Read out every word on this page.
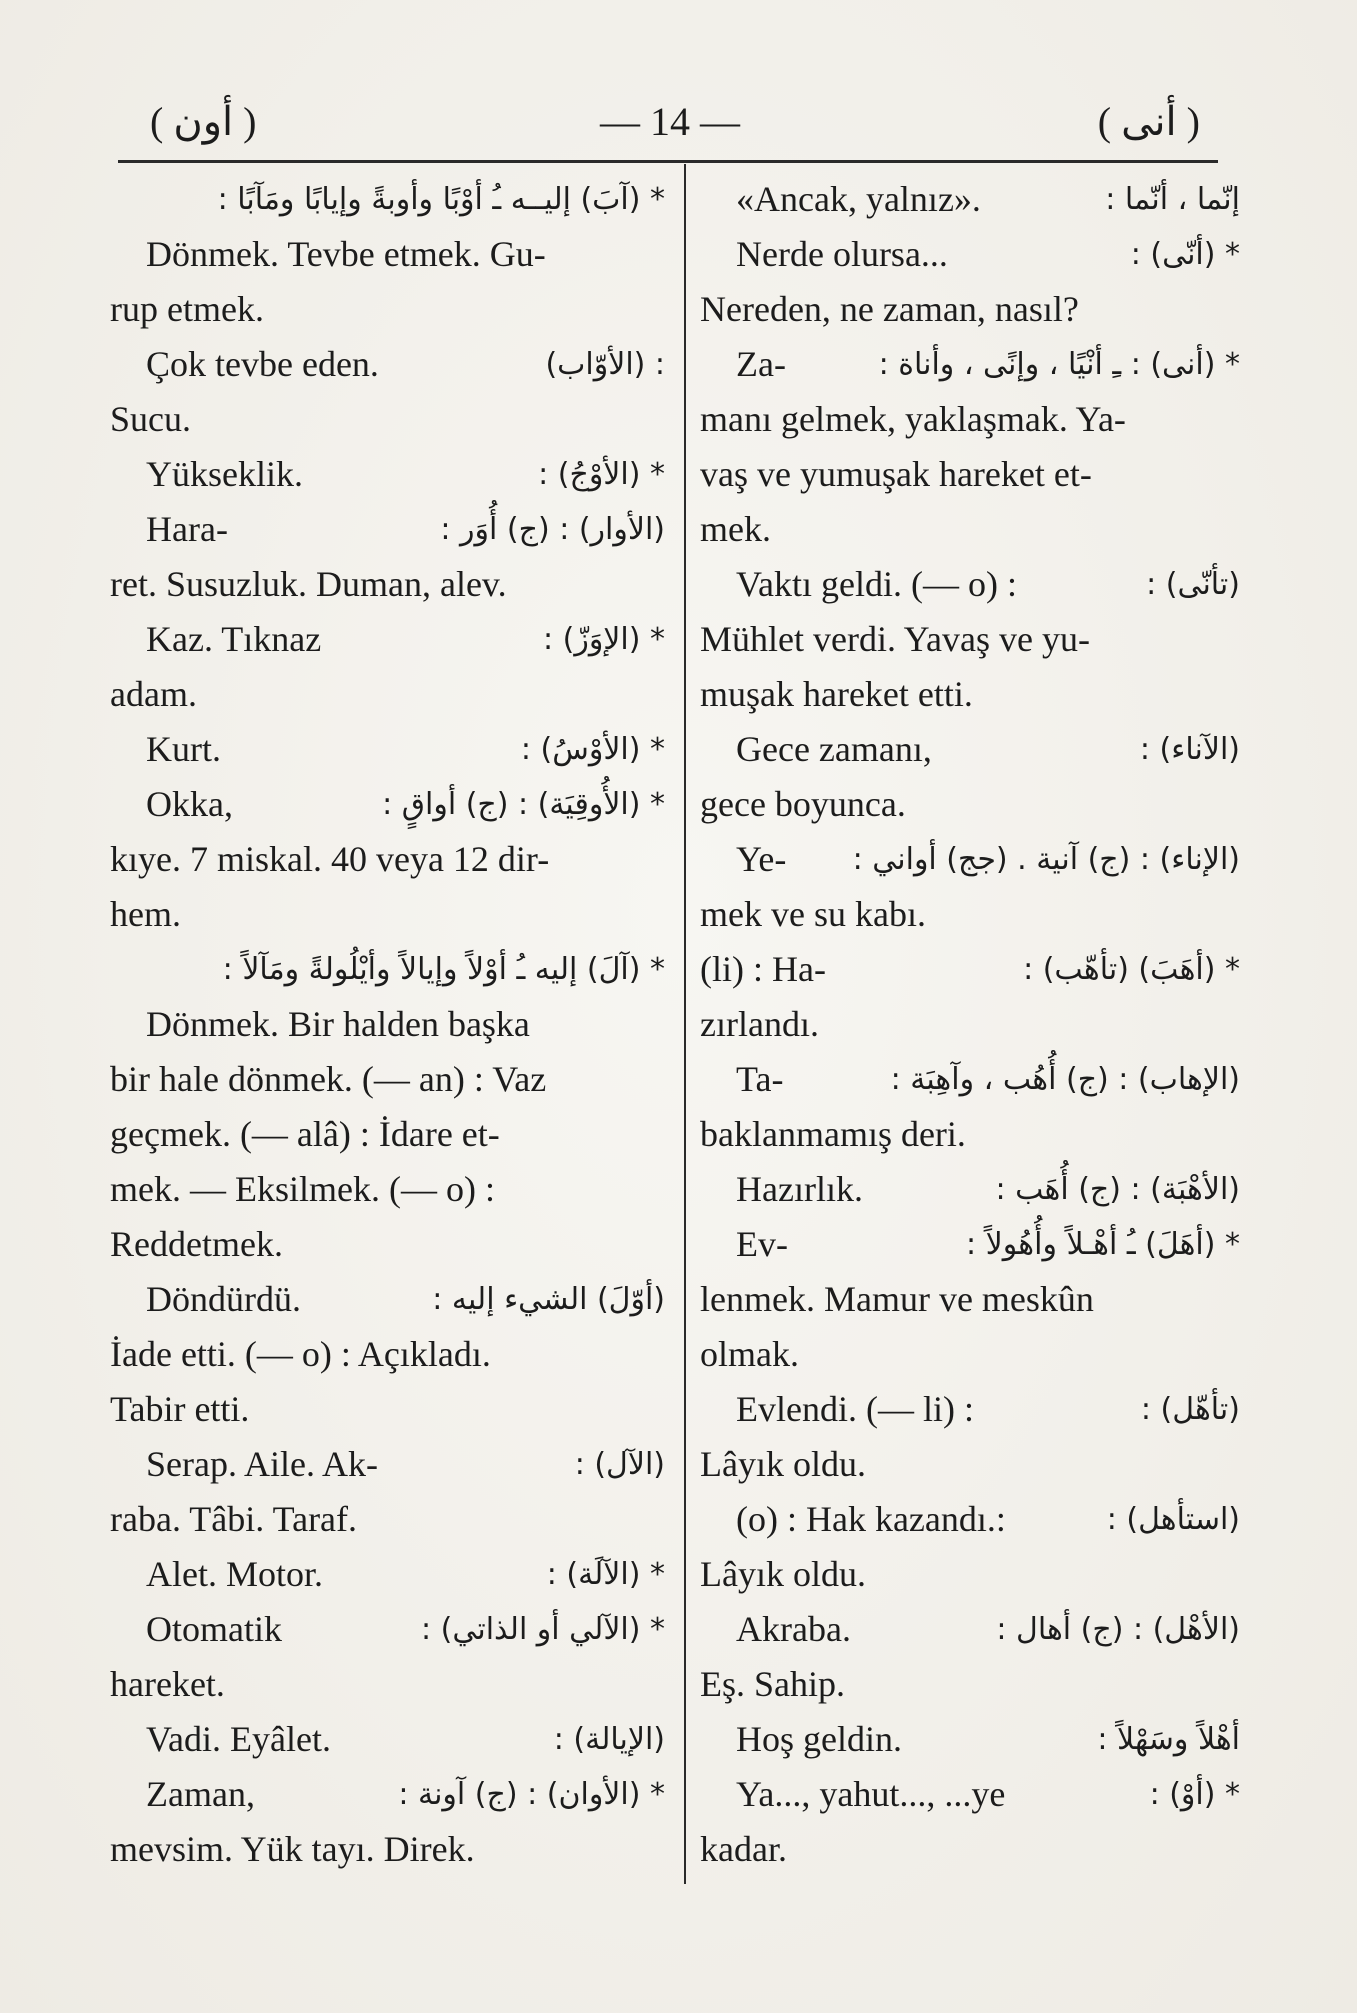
( أون )	— 14 —	( أنى )
* (آبَ) إليــه ـُ أوْبًا وأوبةً وإيابًا ومَآبًا :
Dönmek. Tevbe etmek. Gu-
rup etmek.
Çok tevbe eden.	: (الأوّاب)
Sucu.
Yükseklik.	* (الأوْجُ) :
Hara-	(الأوار) : (ج) أُوَر :
ret. Susuzluk. Duman, alev.
Kaz. Tıknaz	* (الإوَزّ) :
adam.
Kurt.	* (الأوْسُ) :
Okka,	* (الأُوقِيَة) : (ج) أواقٍ :
kıye. 7 miskal. 40 veya 12 dir-
hem.
* (آلَ) إليه ـُ أوْلاً وإيالاً وأيْلُولةً ومَآلاً :
Dönmek. Bir halden başka
bir hale dönmek. (— an) : Vaz
geçmek. (— alâ) : İdare et-
mek. — Eksilmek. (— o) :
Reddetmek.
Döndürdü.	(أوّلَ) الشيء إليه :
İade etti. (— o) : Açıkladı.
Tabir etti.
Serap. Aile. Ak-	(الآل) :
raba. Tâbi. Taraf.
Alet. Motor.	* (الآلَة) :
Otomatik	* (الآلي أو الذاتي) :
hareket.
Vadi. Eyâlet.	(الإيالة) :
Zaman,	* (الأوان) : (ج) آونة :
mevsim. Yük tayı. Direk.
«Ancak, yalnız».	إنّما ، أنّما :
Nerde olursa...	* (أنّى) :
Nereden, ne zaman, nasıl?
Za-	* (أنى) : ـِ أنْيًا ، وإنًى ، وأناة :
manı gelmek, yaklaşmak. Ya-
vaş ve yumuşak hareket et-
mek.
Vaktı geldi. (— o) :	(تأنّى) :
Mühlet verdi. Yavaş ve yu-
muşak hareket etti.
Gece zamanı,	(الآناء) :
gece boyunca.
Ye- (الإناء) : (ج) آنية . (جج) أواني :
mek ve su kabı.
(li) : Ha-	* (أهَبَ) (تأهّب) :
zırlandı.
Ta-	(الإهاب) : (ج) أُهُب ، وآهِبَة :
baklanmamış deri.
Hazırlık.	(الأهْبَة) : (ج) أُهَب :
Ev-	* (أهَلَ) ـُ أهْـلاً وأُهُولاً :
lenmek. Mamur ve meskûn
olmak.
Evlendi. (— li) :	(تأهّل) :
Lâyık oldu.
(o) : Hak kazandı.:	(استأهل) :
Lâyık oldu.
Akraba.	(الأهْل) : (ج) أهال :
Eş. Sahip.
Hoş geldin.	أهْلاً وسَهْلاً :
Ya..., yahut..., ...ye	* (أوْ) :
kadar.
